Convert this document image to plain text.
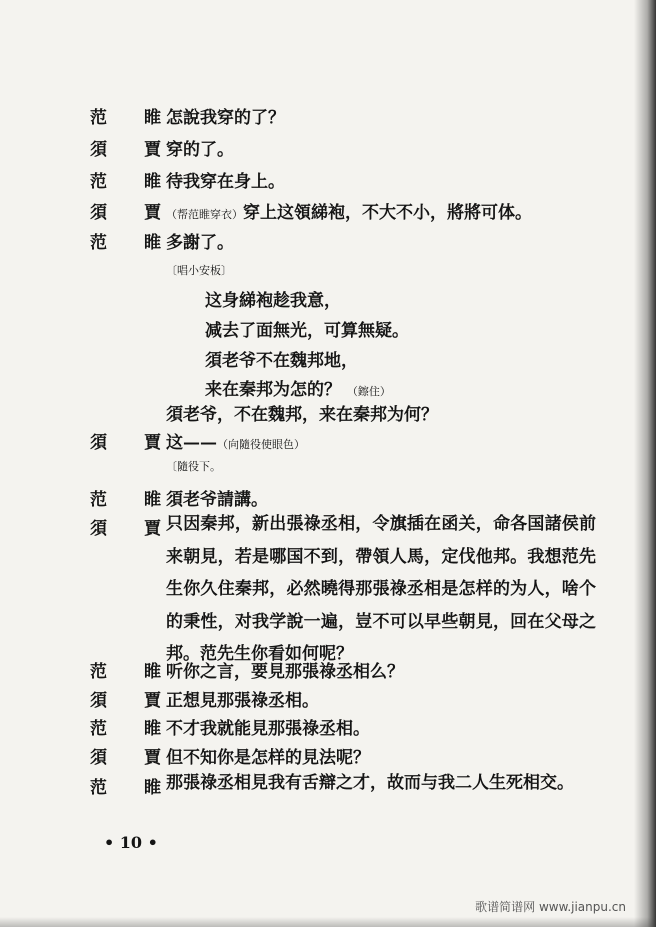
范　睢
怎說我穿的了？
須　賈
穿的了。
范　睢
待我穿在身上。
須　賈
（帮范睢穿衣）穿上这領綈袍，不大不小，將將可体。
范　睢
多謝了。
〔唱小安板〕
这身綈袍趁我意，
减去了面無光，可算無疑。
須老爷不在魏邦地，
来在秦邦为怎的？ （鑔住）
須老爷，不在魏邦，来在秦邦为何？
須　賈
这——（向隨役使眼色）
〔隨役下。
范　睢
須老爷請講。
須　賈
只因秦邦，新出張祿丞相，令旗插在函关，命各国諸侯前来朝見，若是哪国不到，帶領人馬，定伐他邦。我想范先生你久住秦邦，必然曉得那張祿丞相是怎样的为人，啥个的秉性，对我学說一遍，豈不可以早些朝見，回在父母之邦。范先生你看如何呢？
范　睢
听你之言，要見那張祿丞相么？
須　賈
正想見那張祿丞相。
范　睢
不才我就能見那張祿丞相。
須　賈
但不知你是怎样的見法呢？
范　睢
那張祿丞相見我有舌辯之才，故而与我二人生死相交。
• 10 •
歌谱简谱网 www.jianpu.cn
